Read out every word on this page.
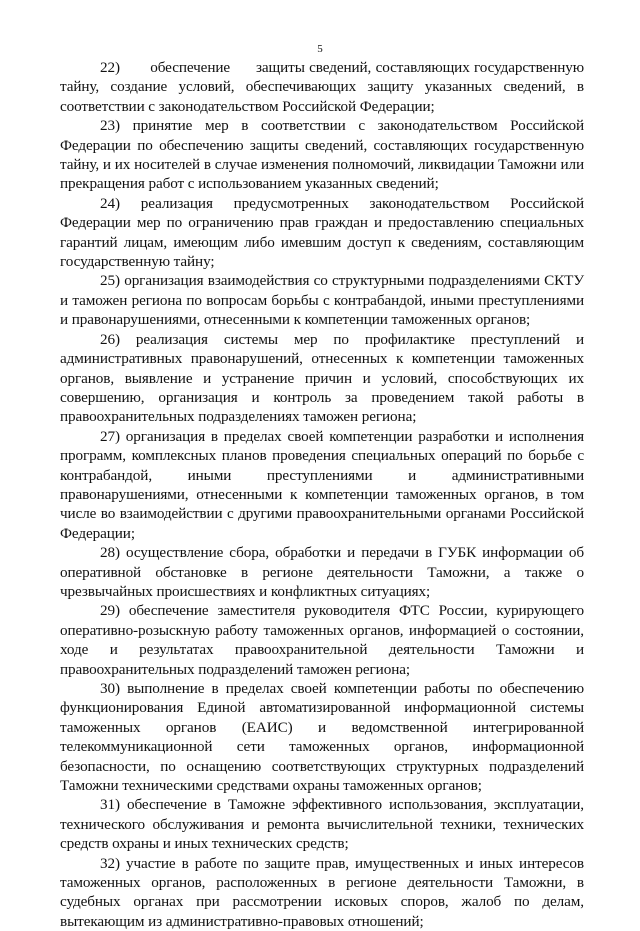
5

22)       обеспечение      защиты сведений, составляющих государственную тайну, создание условий, обеспечивающих защиту указанных сведений, в соответствии с законодательством Российской Федерации;

23) принятие мер в соответствии с законодательством Российской Федерации по обеспечению защиты сведений, составляющих государственную тайну, и их носителей в случае изменения полномочий, ликвидации Таможни или прекращения работ с использованием указанных сведений;

24) реализация предусмотренных законодательством Российской Федерации мер по ограничению прав граждан и предоставлению специальных гарантий лицам, имеющим либо имевшим доступ к сведениям, составляющим государственную тайну;

25) организация взаимодействия со структурными подразделениями СКТУ и таможен региона по вопросам борьбы с контрабандой, иными преступлениями и правонарушениями, отнесенными к компетенции таможенных органов;

26) реализация системы мер по профилактике преступлений и административных правонарушений, отнесенных к компетенции таможенных органов, выявление и устранение причин и условий, способствующих их совершению, организация и контроль за проведением такой работы в правоохранительных подразделениях таможен региона;

27) организация в пределах своей компетенции разработки и исполнения программ, комплексных планов проведения специальных операций по борьбе с контрабандой, иными преступлениями и административными правонарушениями, отнесенными к компетенции таможенных органов, в том числе во взаимодействии с другими правоохранительными органами Российской Федерации;

28) осуществление сбора, обработки и передачи в ГУБК информации об оперативной обстановке в регионе деятельности Таможни, а также о чрезвычайных происшествиях и конфликтных ситуациях;

29) обеспечение заместителя руководителя ФТС России, курирующего оперативно-розыскную работу таможенных органов, информацией о состоянии, ходе и результатах правоохранительной деятельности Таможни и правоохранительных подразделений таможен региона;

30) выполнение в пределах своей компетенции работы по обеспечению функционирования Единой автоматизированной информационной системы таможенных органов (ЕАИС) и ведомственной интегрированной телекоммуникационной сети таможенных органов, информационной безопасности, по оснащению соответствующих структурных подразделений Таможни техническими средствами охраны таможенных органов;

31) обеспечение в Таможне эффективного использования, эксплуатации, технического обслуживания и ремонта вычислительной техники, технических средств охраны и иных технических средств;

32) участие в работе по защите прав, имущественных и иных интересов таможенных органов, расположенных в регионе деятельности Таможни, в судебных органах при рассмотрении исковых споров, жалоб по делам, вытекающим из административно-правовых отношений;
